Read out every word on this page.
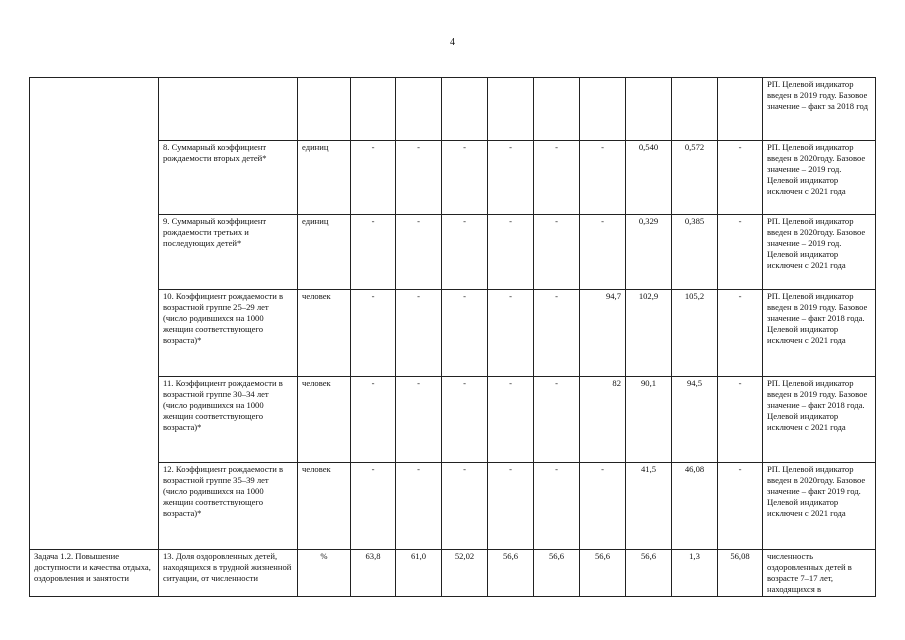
4
												РП. Целевой индикатор введен в 2019 году. Базовое значение – факт за 2018 год
	8. Суммарный коэффициент рождаемости вторых детей*	единиц	-	-	-	-	-	-	0,540	0,572	-	РП. Целевой индикатор введен в 2020году. Базовое значение – 2019 год. Целевой индикатор исключен с 2021 года
	9. Суммарный коэффициент рождаемости третьих и последующих детей*	единиц	-	-	-	-	-	-	0,329	0,385	-	РП. Целевой индикатор введен в 2020году. Базовое значение – 2019 год. Целевой индикатор исключен с 2021 года
	10. Коэффициент рождаемости в возрастной группе 25–29 лет (число родившихся на 1000 женщин соответствующего возраста)*	человек	-	-	-	-	-	94,7	102,9	105,2	-	РП. Целевой индикатор введен в 2019 году. Базовое значение – факт 2018 года. Целевой индикатор исключен с 2021 года
	11. Коэффициент рождаемости в возрастной группе 30–34 лет (число родившихся на 1000 женщин соответствующего возраста)*	человек	-	-	-	-	-	82	90,1	94,5	-	РП. Целевой индикатор введен в 2019 году. Базовое значение – факт 2018 года. Целевой индикатор исключен с 2021 года
	12. Коэффициент рождаемости в возрастной группе 35–39 лет (число родившихся на 1000 женщин соответствующего возраста)*	человек	-	-	-	-	-	-	41,5	46,08	-	РП. Целевой индикатор введен в 2020году. Базовое значение – факт 2019 год. Целевой индикатор исключен с 2021 года
Задача 1.2. Повышение доступности и качества отдыха, оздоровления и занятости	13. Доля оздоровленных детей, находящихся в трудной жизненной ситуации, от численности	%	63,8	61,0	52,02	56,6	56,6	56,6	56,6	1,3	56,08	численность оздоровленных детей в возрасте 7–17 лет, находящихся в
